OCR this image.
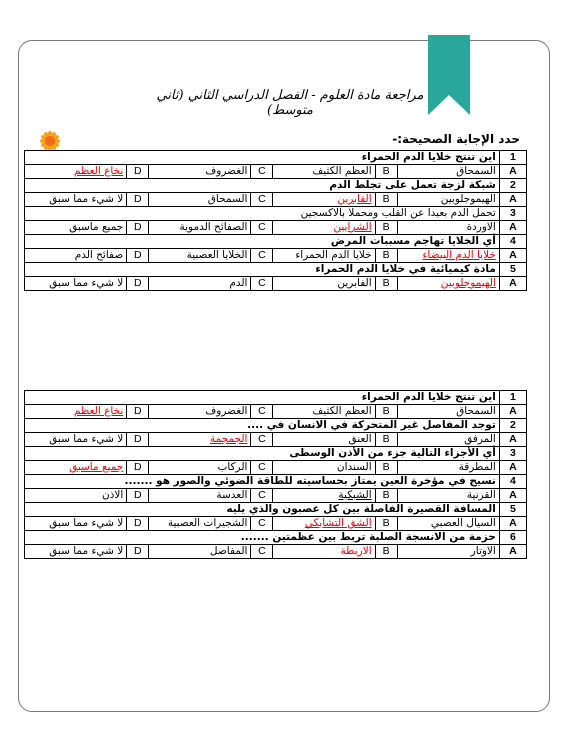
مراجعة مادة العلوم - الفصل الدراسي الثاني (ثاني متوسط)
حدد الإجابة الصحيحة:-
1	اين تنتج خلايا الدم الحمراء						
A	السمحاق	B	العظم الكثيف	C	الغضروف	D	نخاع العظم
2	شبكة لزجة تعمل على تجلط الدم						
A	الهيموجلوبين	B	الفابرين	C	السمحاق	D	لا شيء مما سبق
3	تحمل الدم بعيدا عن القلب ومحملا بالاكسجين						
A	الاوردة	B	الشرايين	C	الصفائح الدموية	D	جميع ماسبق
4	أي الخلايا تهاجم مسببات المرض						
A	خلايا الدم البيضاء	B	خلايا الدم الحمراء	C	الخلايا العصبية	D	صفائح الدم
5	مادة كيميائية في خلايا الدم الحمراء						
A	الهيموجلوبين	B	الفابرين	C	الدم	D	لا شيء مما سبق
1	اين تنتج خلايا الدم الحمراء						
A	السمحاق	B	العظم الكثيف	C	الغضروف	D	نخاع العظم
2	توجد المفاصل غير المتحركة في الانسان في ....						
A	المرفق	B	العنق	C	الجمجمة	D	لا شيء مما سبق
3	أي الأجزاء التالية جزء من الأذن الوسطى						
A	المطرقة	B	السندان	C	الركاب	D	جميع ماسبق
4	نسيج في مؤخرة العين يمتاز بحساسيته للطاقة الضوئي والصور هو .......						
A	القرنية	B	الشبكية	C	العدسة	D	الاذن
5	المسافة القصيرة الفاصلة بين كل عصبون والذي يليه						
A	السيال العصبي	B	الشق التشابكي	C	الشجيرات العصبية	D	لا شيء مما سبق
6	حزمة من الانسجة الصلبة تربط بين عظمتين .......						
A	الاوتار	B	الاربطة	C	المفاصل	D	لا شيء مما سبق
